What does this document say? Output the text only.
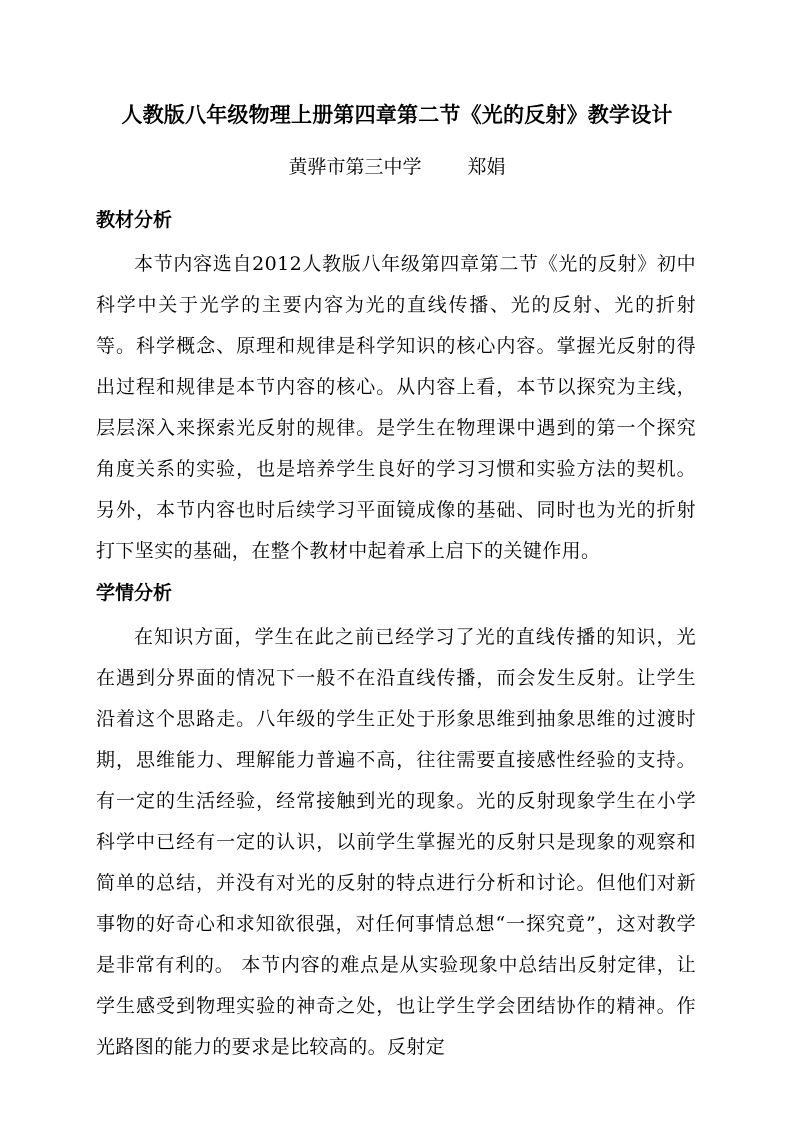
人教版八年级物理上册第四章第二节《光的反射》教学设计
黄骅市第三中学 郑娟
教材分析
本节内容选自2012人教版八年级第四章第二节《光的反射》初中科学中关于光学的主要内容为光的直线传播、光的反射、光的折射等。科学概念、原理和规律是科学知识的核心内容。掌握光反射的得出过程和规律是本节内容的核心。从内容上看，本节以探究为主线，层层深入来探索光反射的规律。是学生在物理课中遇到的第一个探究角度关系的实验，也是培养学生良好的学习习惯和实验方法的契机。另外，本节内容也时后续学习平面镜成像的基础、同时也为光的折射打下坚实的基础，在整个教材中起着承上启下的关键作用。
学情分析
在知识方面，学生在此之前已经学习了光的直线传播的知识，光在遇到分界面的情况下一般不在沿直线传播，而会发生反射。让学生沿着这个思路走。八年级的学生正处于形象思维到抽象思维的过渡时期，思维能力、理解能力普遍不高，往往需要直接感性经验的支持。有一定的生活经验，经常接触到光的现象。光的反射现象学生在小学科学中已经有一定的认识，以前学生掌握光的反射只是现象的观察和简单的总结，并没有对光的反射的特点进行分析和讨论。但他们对新事物的好奇心和求知欲很强，对任何事情总想“一探究竟”，这对教学是非常有利的。 本节内容的难点是从实验现象中总结出反射定律，让学生感受到物理实验的神奇之处，也让学生学会团结协作的精神。作光路图的能力的要求是比较高的。反射定
